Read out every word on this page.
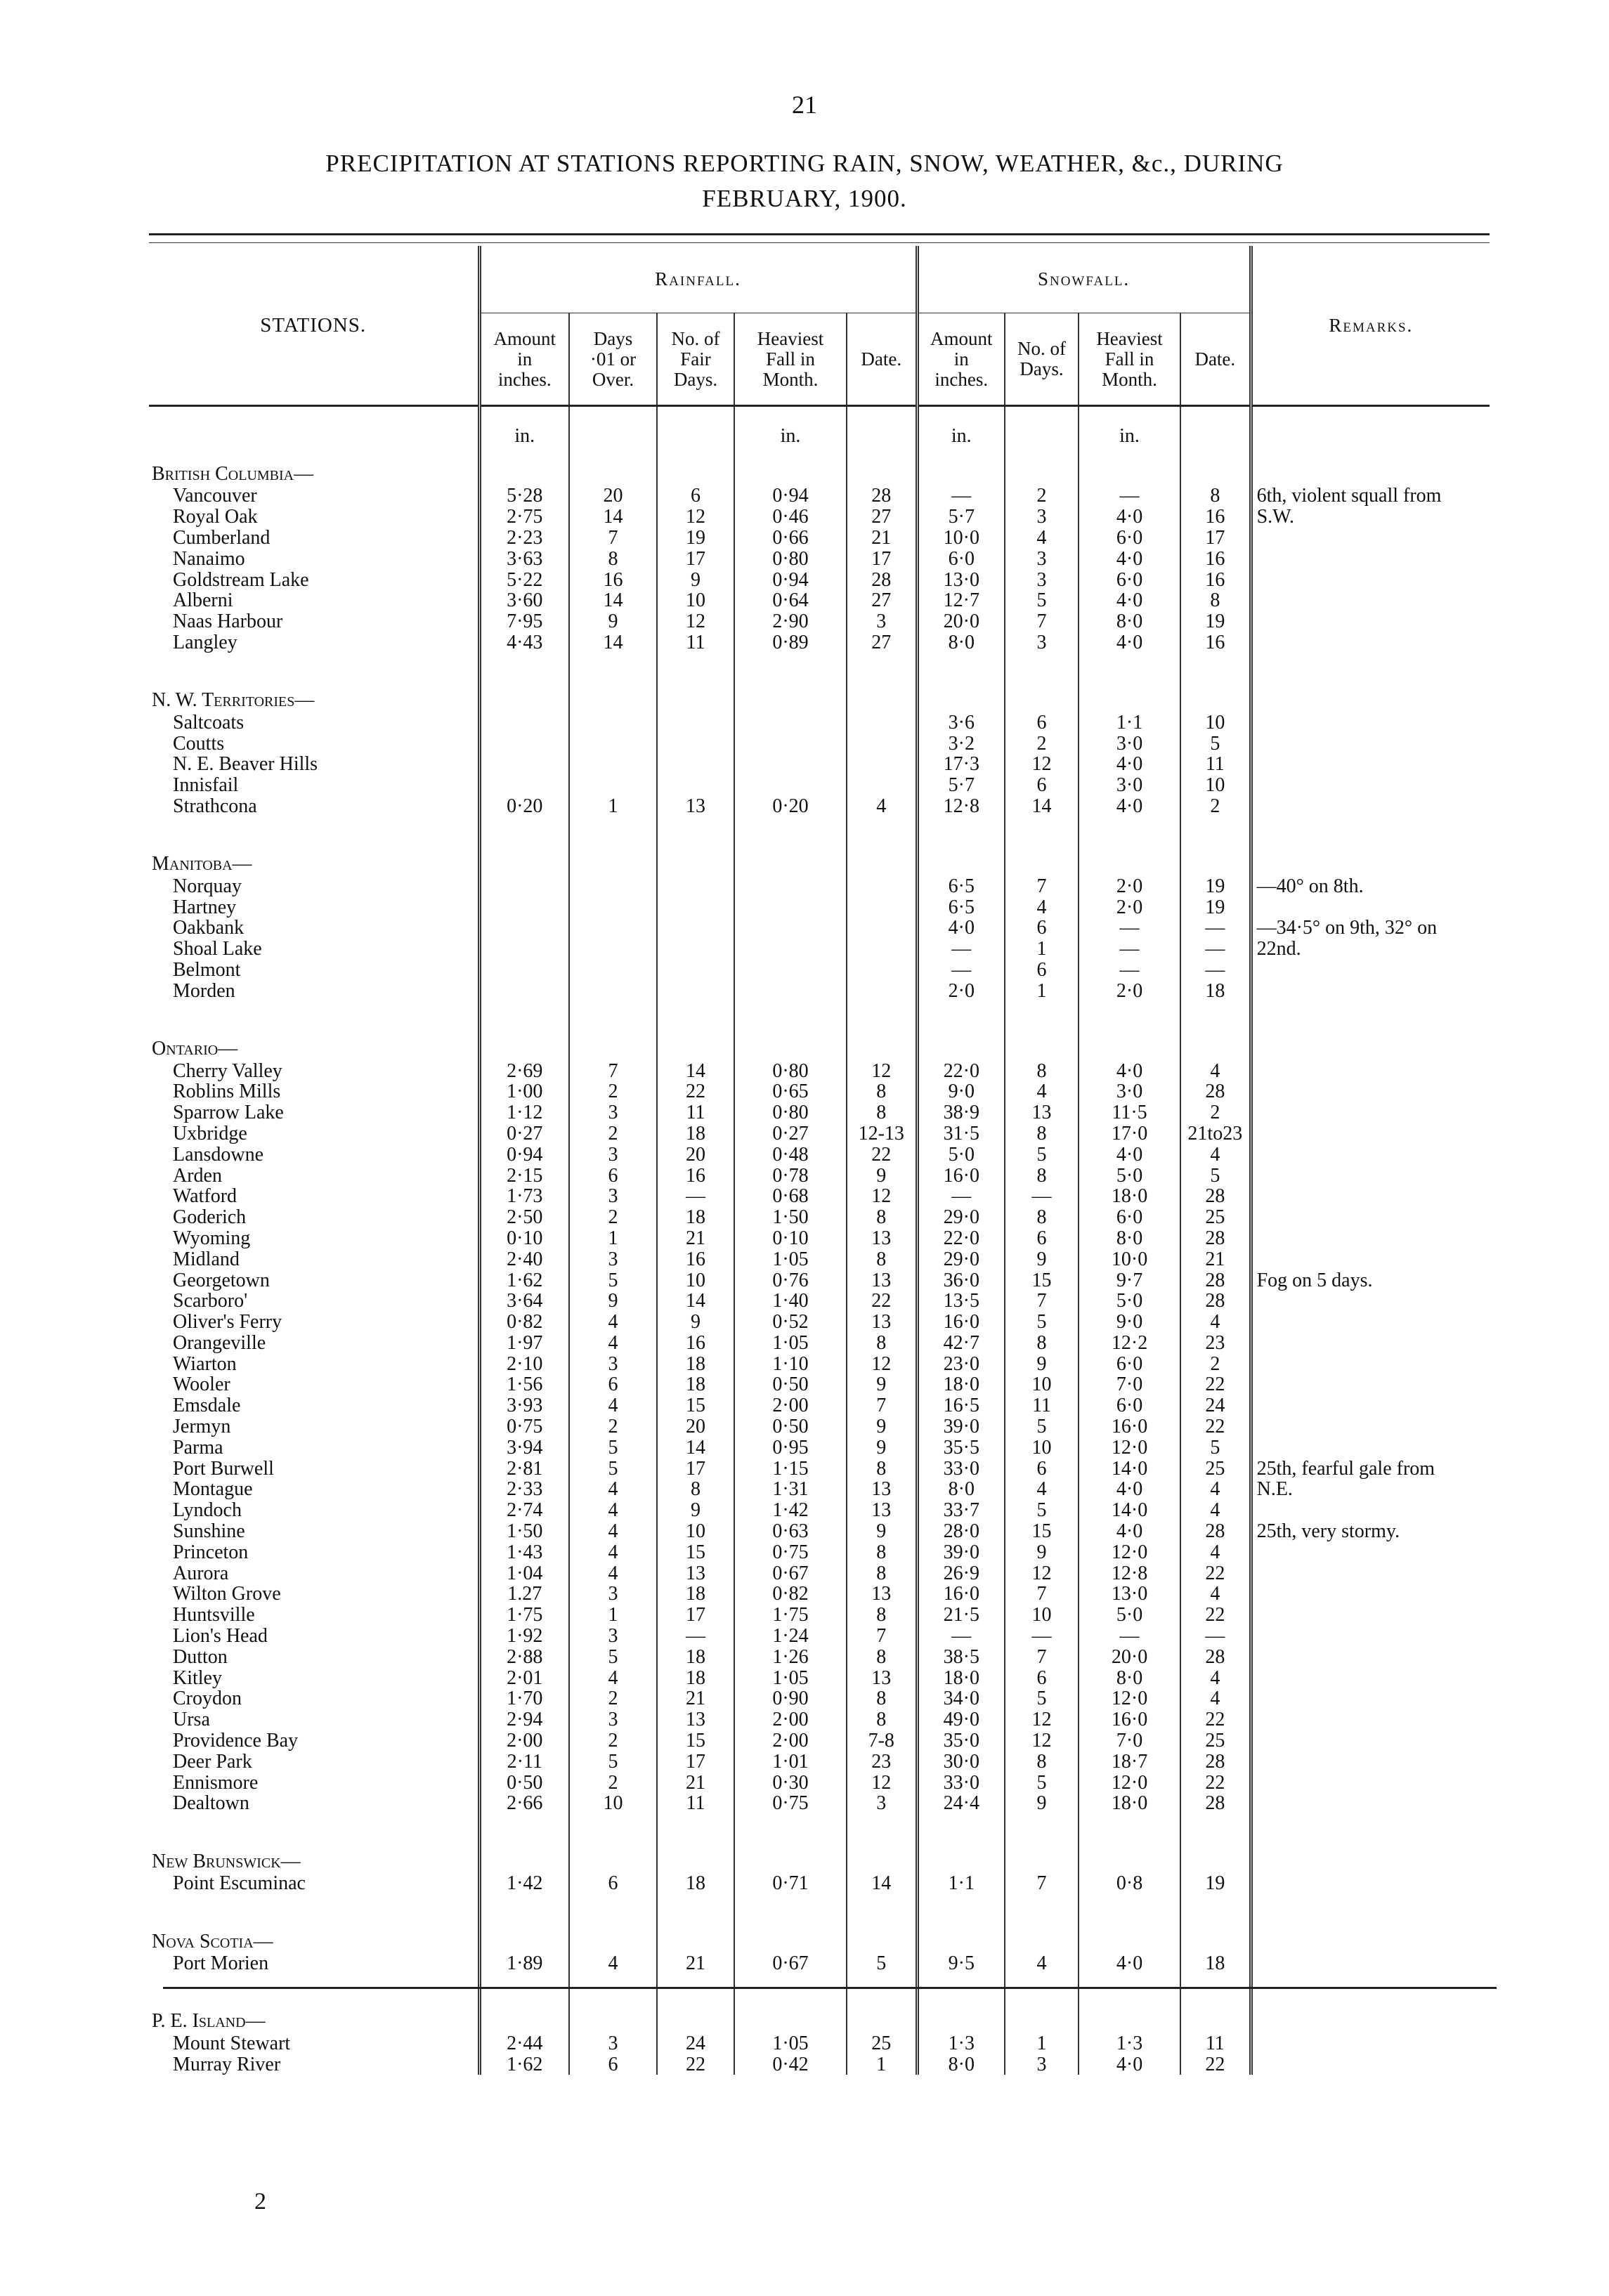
21
PRECIPITATION AT STATIONS REPORTING RAIN, SNOW, WEATHER, &c., DURING
FEBRUARY, 1900.
STATIONS.	Rainfall.					Snowfall.				Remarks.
	Amount
in
inches.	Days
·01 or
Over.	No. of
Fair
Days.	Heaviest
Fall in
Month.	Date.	Amount
in
inches.	No. of
Days.	Heaviest
Fall in
Month.	Date.	
	in.			in.		in.		in.		
British Columbia—										
Vancouver	5·28	20	6	0·94	28	—	2	—	8	6th, violent squall from
Royal Oak	2·75	14	12	0·46	27	5·7	3	4·0	16	S.W.
Cumberland	2·23	7	19	0·66	21	10·0	4	6·0	17	
Nanaimo	3·63	8	17	0·80	17	6·0	3	4·0	16	
Goldstream Lake	5·22	16	9	0·94	28	13·0	3	6·0	16	
Alberni	3·60	14	10	0·64	27	12·7	5	4·0	8	
Naas Harbour	7·95	9	12	2·90	3	20·0	7	8·0	19	
Langley	4·43	14	11	0·89	27	8·0	3	4·0	16	

N. W. Territories—										
Saltcoats						3·6	6	1·1	10	
Coutts						3·2	2	3·0	5	
N. E. Beaver Hills						17·3	12	4·0	11	
Innisfail						5·7	6	3·0	10	
Strathcona	0·20	1	13	0·20	4	12·8	14	4·0	2	

Manitoba—										
Norquay						6·5	7	2·0	19	—40° on 8th.
Hartney						6·5	4	2·0	19	
Oakbank						4·0	6	—	—	—34·5° on 9th, 32° on
Shoal Lake						—	1	—	—	22nd.
Belmont						—	6	—	—	
Morden						2·0	1	2·0	18	

Ontario—										
Cherry Valley	2·69	7	14	0·80	12	22·0	8	4·0	4	
Roblins Mills	1·00	2	22	0·65	8	9·0	4	3·0	28	
Sparrow Lake	1·12	3	11	0·80	8	38·9	13	11·5	2	
Uxbridge	0·27	2	18	0·27	12-13	31·5	8	17·0	21to23	
Lansdowne	0·94	3	20	0·48	22	5·0	5	4·0	4	
Arden	2·15	6	16	0·78	9	16·0	8	5·0	5	
Watford	1·73	3	—	0·68	12	—	—	18·0	28	
Goderich	2·50	2	18	1·50	8	29·0	8	6·0	25	
Wyoming	0·10	1	21	0·10	13	22·0	6	8·0	28	
Midland	2·40	3	16	1·05	8	29·0	9	10·0	21	
Georgetown	1·62	5	10	0·76	13	36·0	15	9·7	28	Fog on 5 days.
Scarboro'	3·64	9	14	1·40	22	13·5	7	5·0	28	
Oliver's Ferry	0·82	4	9	0·52	13	16·0	5	9·0	4	
Orangeville	1·97	4	16	1·05	8	42·7	8	12·2	23	
Wiarton	2·10	3	18	1·10	12	23·0	9	6·0	2	
Wooler	1·56	6	18	0·50	9	18·0	10	7·0	22	
Emsdale	3·93	4	15	2·00	7	16·5	11	6·0	24	
Jermyn	0·75	2	20	0·50	9	39·0	5	16·0	22	
Parma	3·94	5	14	0·95	9	35·5	10	12·0	5	
Port Burwell	2·81	5	17	1·15	8	33·0	6	14·0	25	25th, fearful gale from
Montague	2·33	4	8	1·31	13	8·0	4	4·0	4	N.E.
Lyndoch	2·74	4	9	1·42	13	33·7	5	14·0	4	
Sunshine	1·50	4	10	0·63	9	28·0	15	4·0	28	25th, very stormy.
Princeton	1·43	4	15	0·75	8	39·0	9	12·0	4	
Aurora	1·04	4	13	0·67	8	26·9	12	12·8	22	
Wilton Grove	1.27	3	18	0·82	13	16·0	7	13·0	4	
Huntsville	1·75	1	17	1·75	8	21·5	10	5·0	22	
Lion's Head	1·92	3	—	1·24	7	—	—	—	—	
Dutton	2·88	5	18	1·26	8	38·5	7	20·0	28	
Kitley	2·01	4	18	1·05	13	18·0	6	8·0	4	
Croydon	1·70	2	21	0·90	8	34·0	5	12·0	4	
Ursa	2·94	3	13	2·00	8	49·0	12	16·0	22	
Providence Bay	2·00	2	15	2·00	7-8	35·0	12	7·0	25	
Deer Park	2·11	5	17	1·01	23	30·0	8	18·7	28	
Ennismore	0·50	2	21	0·30	12	33·0	5	12·0	22	
Dealtown	2·66	10	11	0·75	3	24·4	9	18·0	28	

New Brunswick—										
Point Escuminac	1·42	6	18	0·71	14	1·1	7	0·8	19	

Nova Scotia—										
Port Morien	1·89	4	21	0·67	5	9·5	4	4·0	18	

P. E. Island—										
Mount Stewart	2·44	3	24	1·05	25	1·3	1	1·3	11	
Murray River	1·62	6	22	0·42	1	8·0	3	4·0	22	
2
